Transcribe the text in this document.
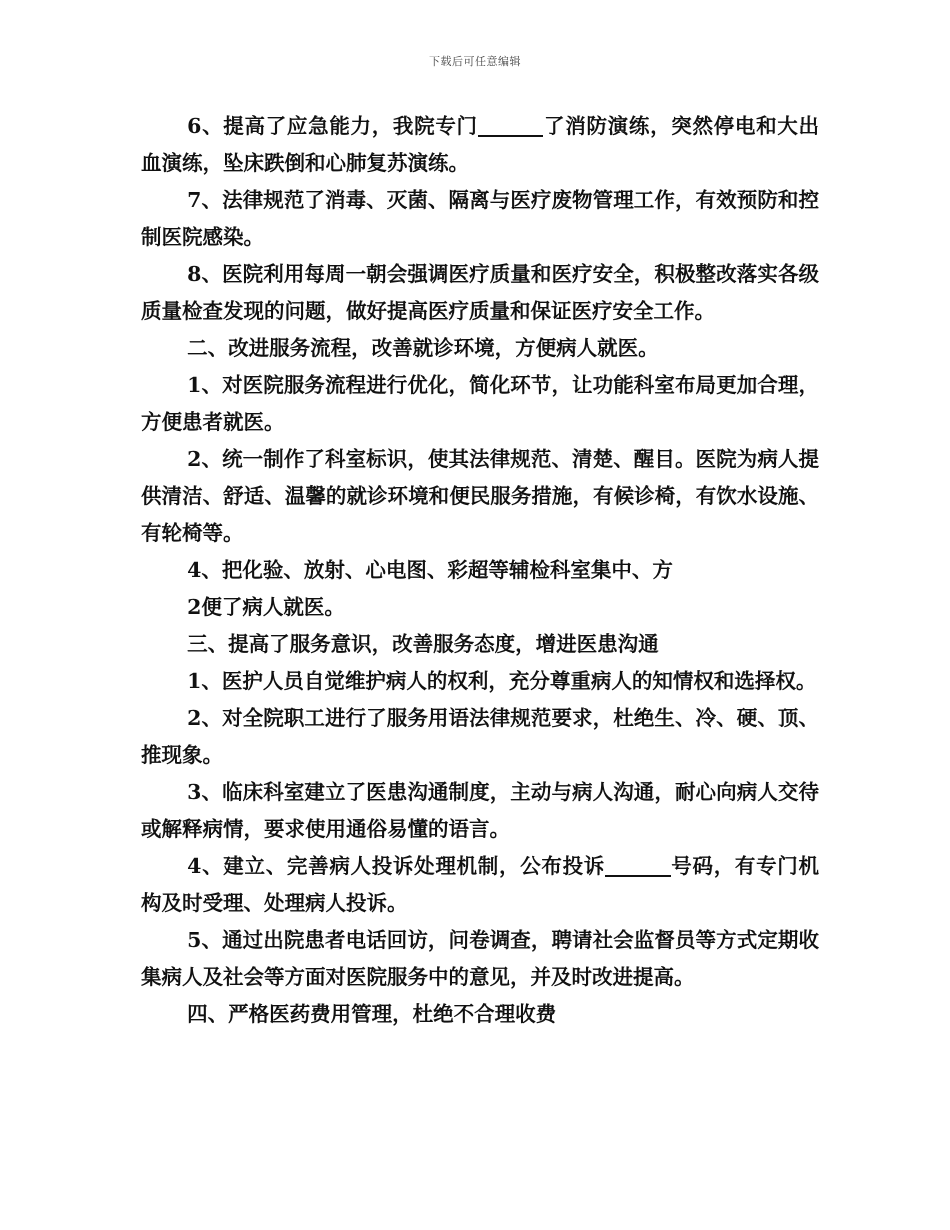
下载后可任意编辑

6、提高了应急能力，我院专门	了消防演练，突然停电和大出血演练，坠床跌倒和心肺复苏演练。

7、法律规范了消毒、灭菌、隔离与医疗废物管理工作，有效预防和控制医院感染。

8、医院利用每周一朝会强调医疗质量和医疗安全，积极整改落实各级质量检查发现的问题，做好提高医疗质量和保证医疗安全工作。

二、改进服务流程，改善就诊环境，方便病人就医。

1、对医院服务流程进行优化，简化环节，让功能科室布局更加合理，方便患者就医。

2、统一制作了科室标识，使其法律规范、清楚、醒目。医院为病人提供清洁、舒适、温馨的就诊环境和便民服务措施，有候诊椅，有饮水设施、有轮椅等。

4、把化验、放射、心电图、彩超等辅检科室集中、方

2便了病人就医。

三、提高了服务意识，改善服务态度，增进医患沟通

1、医护人员自觉维护病人的权利，充分尊重病人的知情权和选择权。

2、对全院职工进行了服务用语法律规范要求，杜绝生、冷、硬、顶、推现象。

3、临床科室建立了医患沟通制度，主动与病人沟通，耐心向病人交待或解释病情，要求使用通俗易懂的语言。

4、建立、完善病人投诉处理机制，公布投诉	号码，有专门机构及时受理、处理病人投诉。

5、通过出院患者电话回访，问卷调查，聘请社会监督员等方式定期收集病人及社会等方面对医院服务中的意见，并及时改进提高。

四、严格医药费用管理，杜绝不合理收费
